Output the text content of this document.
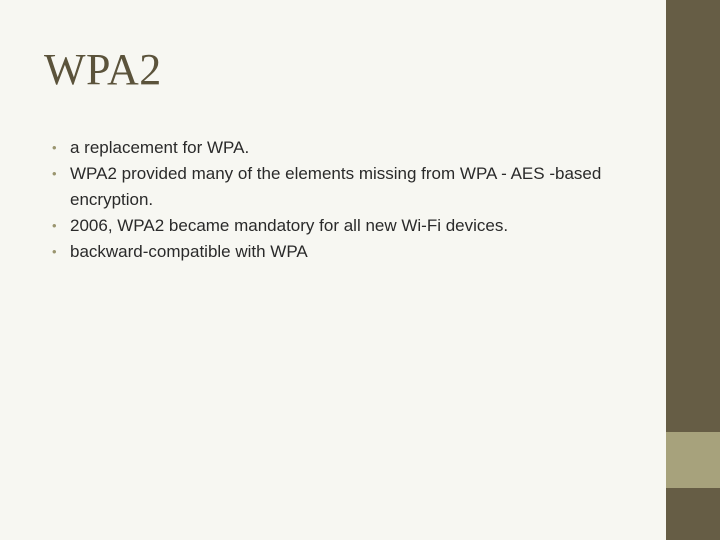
WPA2
• a replacement for WPA.
• WPA2 provided many of the elements missing from WPA - AES -based encryption.
• 2006, WPA2 became mandatory for all new Wi-Fi devices.
• backward-compatible with WPA
